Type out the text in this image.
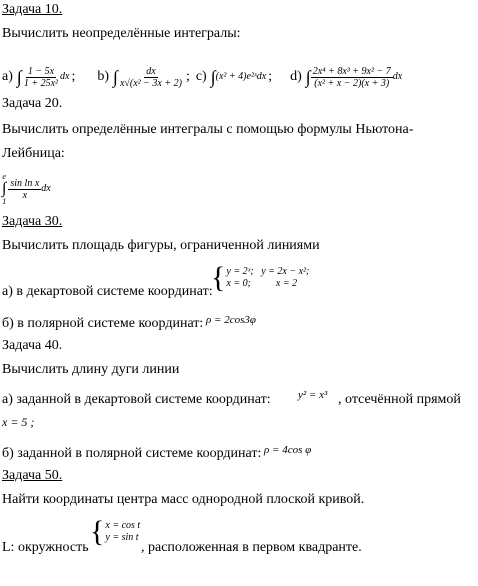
Задача 10.
Вычислить неопределённые интегралы:
a) ∫ $\frac{1 - 5x}{\text{1 + 25x²}}$ dx ; b) ∫ $\frac{dx}{\text{x√(x² − 3x + 2)}}$ ; c) ∫ (x² + 4)e²ˣdx ; d) ∫ $\frac{\text{2x⁴ + 8x³ + 9x² − 7}}{\text{(x² + x − 2)(x + 3)}}$ dx
Задача 20.
Вычислить определённые интегралы с помощью формулы Ньютона-
Лейбница:
e
∫
1
$\frac{\text{sin ln x}}{x}$ dx
Задача 30.
Вычислить площадь фигуры, ограниченной линиями
а) в декартовой системе координат:
{ y = 2ˣ;   y = 2x − x²;
x = 0;          x = 2
б) в полярной системе координат: ρ = 2cos3φ
Задача 40.
Вычислить длину дуги линии
а) заданной в декартовой системе координат: y² = x³ , отсечённой прямой
x = 5 ;
б) заданной в полярной системе координат: ρ = 4cos φ
Задача 50.
Найти координаты центра масс однородной плоской кривой.
L: окружность { x = cos t
y = sin t
, расположенная в первом квадранте.
